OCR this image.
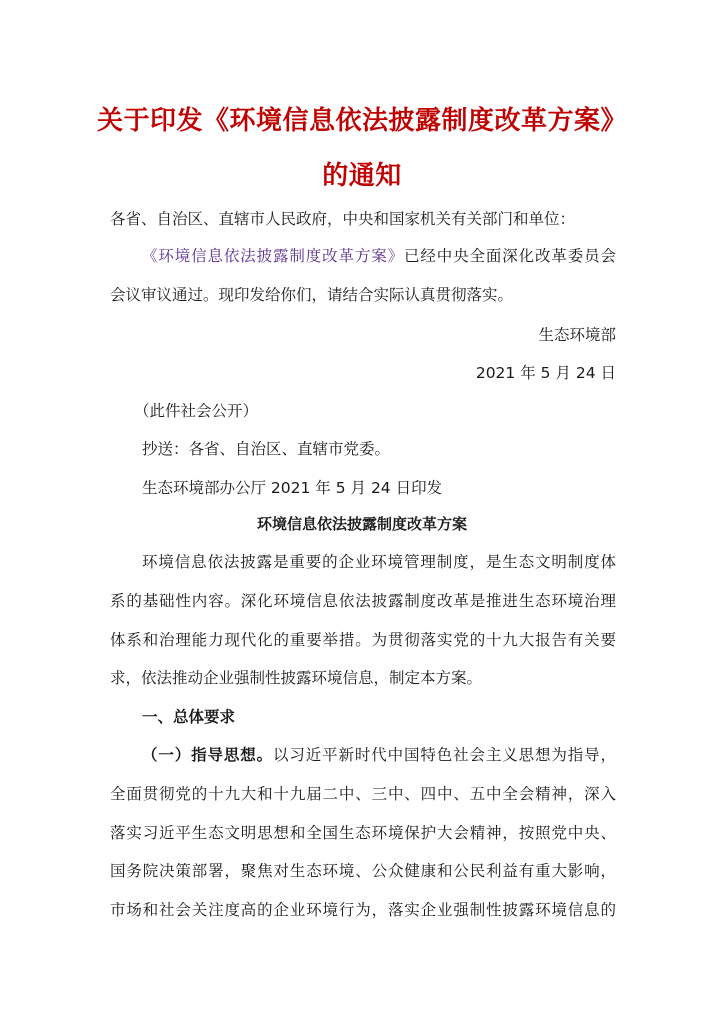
关于印发《环境信息依法披露制度改革方案》
的通知
各省、自治区、直辖市人民政府，中央和国家机关有关部门和单位：
《环境信息依法披露制度改革方案》已经中央全面深化改革委员会
会议审议通过。现印发给你们，请结合实际认真贯彻落实。
生态环境部
2021 年 5 月 24 日
（此件社会公开）
抄送：各省、自治区、直辖市党委。
生态环境部办公厅 2021 年 5 月 24 日印发
环境信息依法披露制度改革方案
环境信息依法披露是重要的企业环境管理制度，是生态文明制度体
系的基础性内容。深化环境信息依法披露制度改革是推进生态环境治理
体系和治理能力现代化的重要举措。为贯彻落实党的十九大报告有关要
求，依法推动企业强制性披露环境信息，制定本方案。
一、总体要求
（一）指导思想。以习近平新时代中国特色社会主义思想为指导，
全面贯彻党的十九大和十九届二中、三中、四中、五中全会精神，深入
落实习近平生态文明思想和全国生态环境保护大会精神，按照党中央、
国务院决策部署，聚焦对生态环境、公众健康和公民利益有重大影响，
市场和社会关注度高的企业环境行为，落实企业强制性披露环境信息的
